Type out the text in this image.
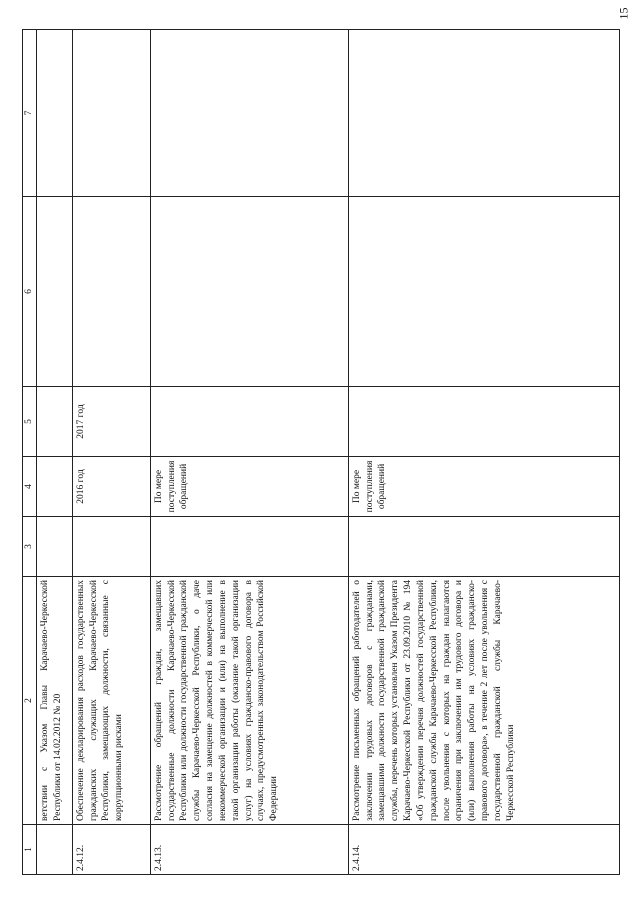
15
1	2	3	4	5	6	7
	ветствии с Указом Главы Карачаево-Черкесской Республики от 14.02.2012 № 20					
2.4.12.	Обеспечение декларирования расходов государственных гражданских служащих Карачаево-Черкесской Республики, замещающих должности, связанные с коррупционными рисками		2016 год	2017 год		
2.4.13.	Рассмотрение обращений граждан, замещавших государственные должности Карачаево-Черкесской Республики или должности государственной гражданской службы Карачаево-Черкесской Республики, о даче согласия на замещение должностей в коммерческой или некоммерческой организации и (или) на выполнение в такой организации работы (оказание такой организации услуг) на условиях гражданско-правового договора в случаях, предусмотренных законодательством Российской Федерации		По мере поступления обращений			
2.4.14.	Рассмотрение письменных обращений работодателей о заключении трудовых договоров с гражданами, замещавшими должности государственной гражданской службы, перечень которых установлен Указом Президента Карачаево-Черкесской Республики от 23.09.2010 № 194 «Об утверждении перечня должностей государственной гражданской службы Карачаево-Черкесской Республики, после увольнения с которых на граждан налагаются ограничения при заключении им трудового договора и (или) выполнения работы на условиях гражданско-правового договора», в течение 2 лет после увольнения с государственной гражданской службы Карачаево-Черкесской Республики		По мере поступления обращений			
